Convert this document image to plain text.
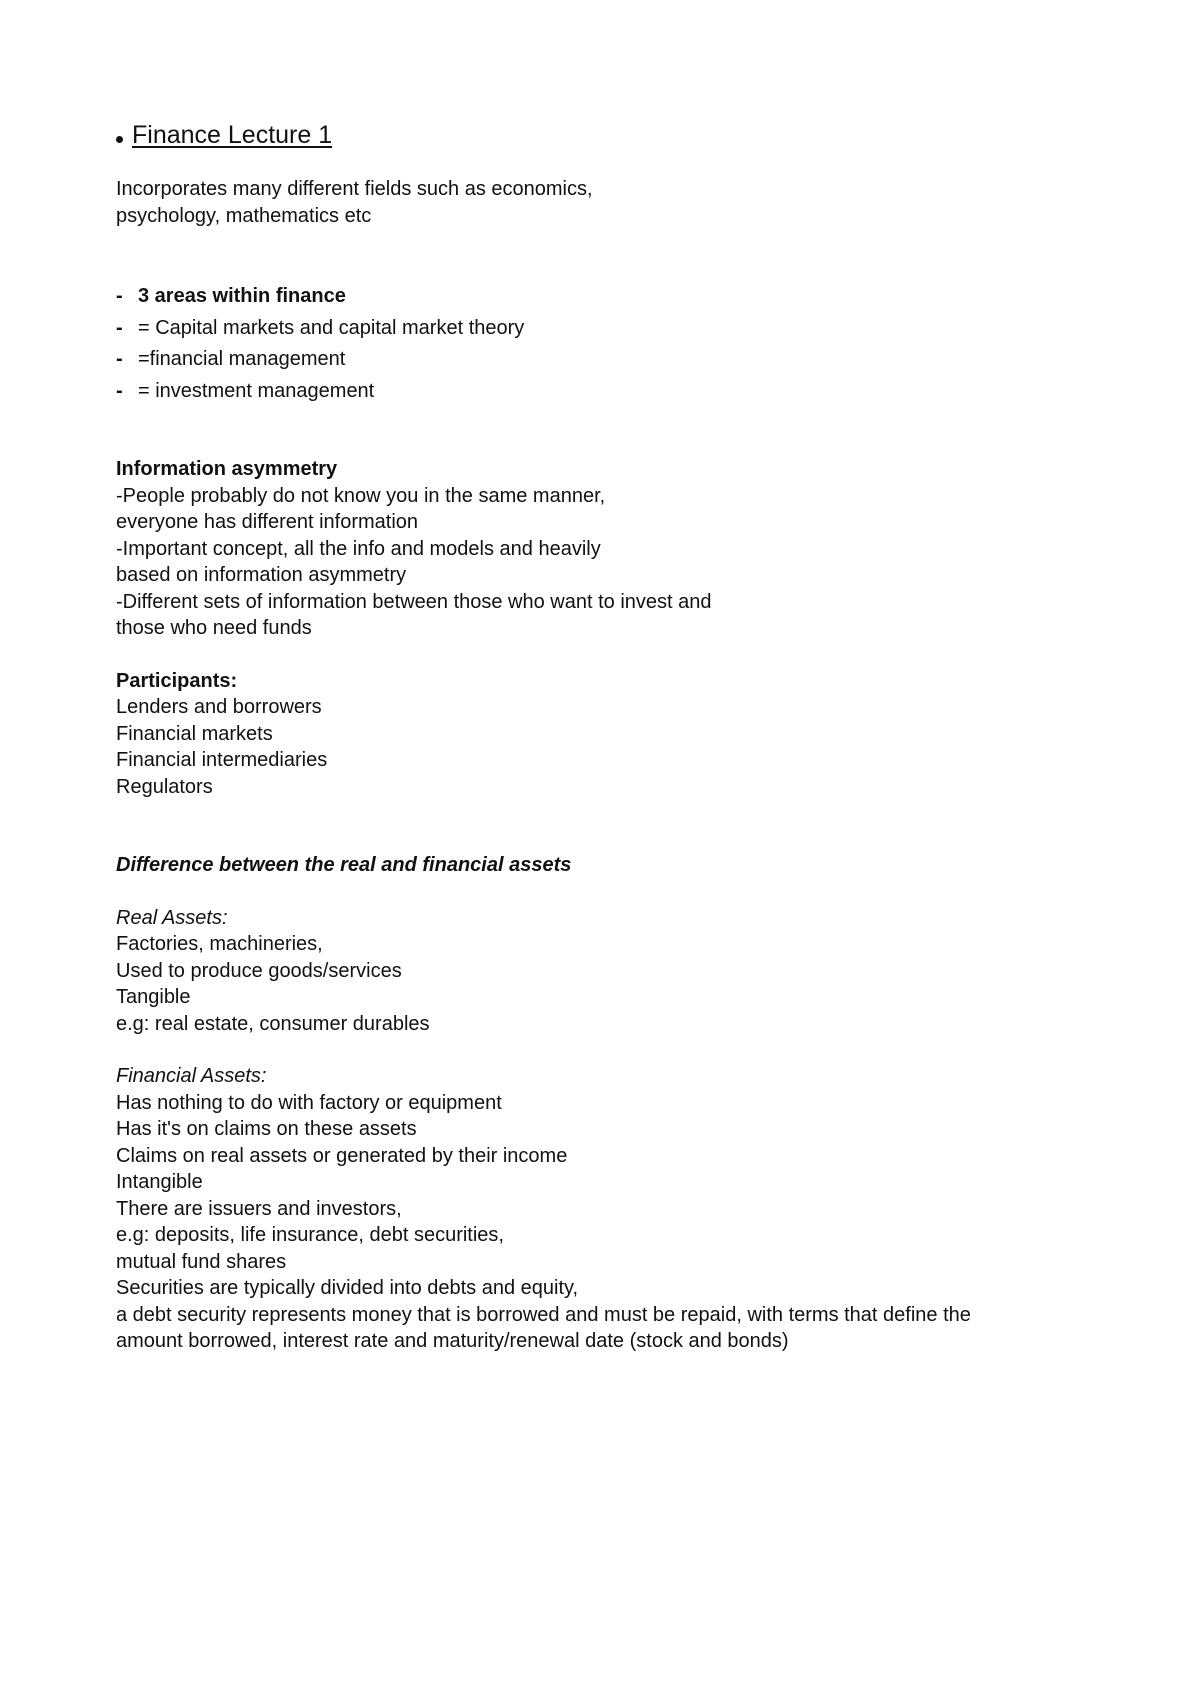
Finance Lecture 1
Incorporates many different fields such as economics,
psychology, mathematics etc
- 3 areas within finance
- = Capital markets and capital market theory
- =financial management
- = investment management
Information asymmetry
-People probably do not know you in the same manner,
everyone has different information
-Important concept, all the info and models and heavily
based on information asymmetry
-Different sets of information between those who want to invest and
those who need funds
Participants:
Lenders and borrowers
Financial markets
Financial intermediaries
Regulators
Difference between the real and financial assets
Real Assets:
Factories, machineries,
Used to produce goods/services
Tangible
e.g: real estate, consumer durables
Financial Assets:
Has nothing to do with factory or equipment
Has it's on claims on these assets
Claims on real assets or generated by their income
Intangible
There are issuers and investors,
e.g: deposits, life insurance, debt securities,
mutual fund shares
Securities are typically divided into debts and equity,
a debt security represents money that is borrowed and must be repaid, with terms that define the
amount borrowed, interest rate and maturity/renewal date (stock and bonds)
